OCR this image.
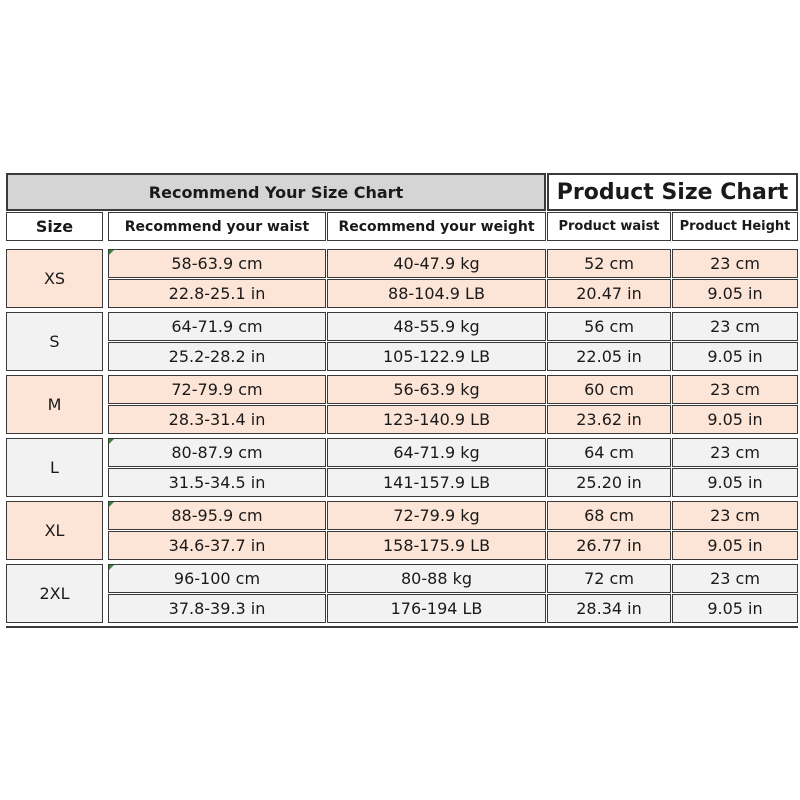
Recommend Your Size Chart	Product Size Chart
Size	Recommend your waist	Recommend your weight	Product waist	Product Height
XS
58-63.9 cm	40-47.9 kg	52 cm	23 cm
22.8-25.1 in	88-104.9 LB	20.47 in	9.05 in
S
64-71.9 cm	48-55.9 kg	56 cm	23 cm
25.2-28.2 in	105-122.9 LB	22.05 in	9.05 in
M
72-79.9 cm	56-63.9 kg	60 cm	23 cm
28.3-31.4 in	123-140.9 LB	23.62 in	9.05 in
L
80-87.9 cm	64-71.9 kg	64 cm	23 cm
31.5-34.5 in	141-157.9 LB	25.20 in	9.05 in
XL
88-95.9 cm	72-79.9 kg	68 cm	23 cm
34.6-37.7 in	158-175.9 LB	26.77 in	9.05 in
2XL
96-100 cm	80-88 kg	72 cm	23 cm
37.8-39.3 in	176-194 LB	28.34 in	9.05 in
